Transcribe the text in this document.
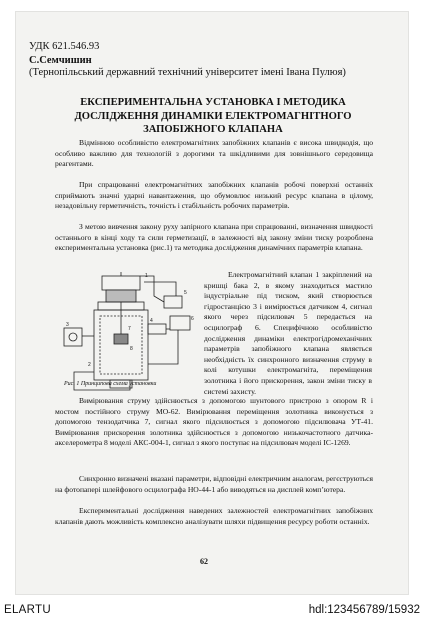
УДК 621.546.93
С.Семчишин
(Тернопільський державний технічний університет імені Івана Пулюя)
ЕКСПЕРИМЕНТАЛЬНА УСТАНОВКА І МЕТОДИКА ДОСЛІДЖЕННЯ ДИНАМІКИ ЕЛЕКТРОМАГНІТНОГО ЗАПОБІЖНОГО КЛАПАНА

Відмінною особливістю електромагнітних запобіжних клапанів є висока швидкодія, що особливо важливо для технологій з дорогими та шкідливими для зовнішнього середовища реагентами.

При спрацюванні електромагнітних запобіжних клапанів робочі поверхні останніх сприймають значні ударні навантаження, що обумовлює низький ресурс клапана в цілому, незадовільну герметичність, точність і стабільність робочих параметрів.

З метою вивчення закону руху запірного клапана при спрацюванні, визначення швидкості останнього в кінці ходу та сили герметизації, в залежності від закону зміни тиску розроблена експериментальна установка (рис.1) та методика дослідження динамічних параметрів клапана.

Електромагнітний клапан 1 закріплений на кришці бака 2, в якому знаходиться мастило індустріальне під тиском, який створюється гідростанцією 3 і вимірюється датчиком 4, сигнал якого через підсилювач 5 передається на осцилограф 6. Специфічною особливістю дослідження динаміки електрогідромеханічних параметрів запобіжного клапана являється необхідність їх синхронного визначення струму в колі котушки електромагніта, переміщення золотника і його прискорення, закон зміни тиску в системі захисту.

Вимірювання струму здійснюється з допомогою шунтового пристрою з опором R і мостом постійного струму МО-62. Вимірювання переміщення золотника виконується з допомогою тензодатчика 7, сигнал якого підсилюється з допомогою підсилювача УТ-41. Вимірювання прискорення золотника здійснюється з допомогою низькочастотного датчика-акселерометра 8 моделі АКС-004-1, сигнал з якого поступає на підсилювач моделі ІС-1269.

Синхронно визначені вказані параметри, відповідні електричним аналогам, регєструються на фотопапері шлейфового осцилографа НО-44-1 або виводяться на дисплей комп’ютера.

Експериментальні дослідження наведених залежностей електромагнітних запобіжних клапанів дають можливість комплексно аналізувати шляхи підвищення ресурсу роботи останніх.

1
4
5
6
3
2
7
8
Рис. 1 Принципова схема установки
62
ELARTU	hdl:123456789/15932
